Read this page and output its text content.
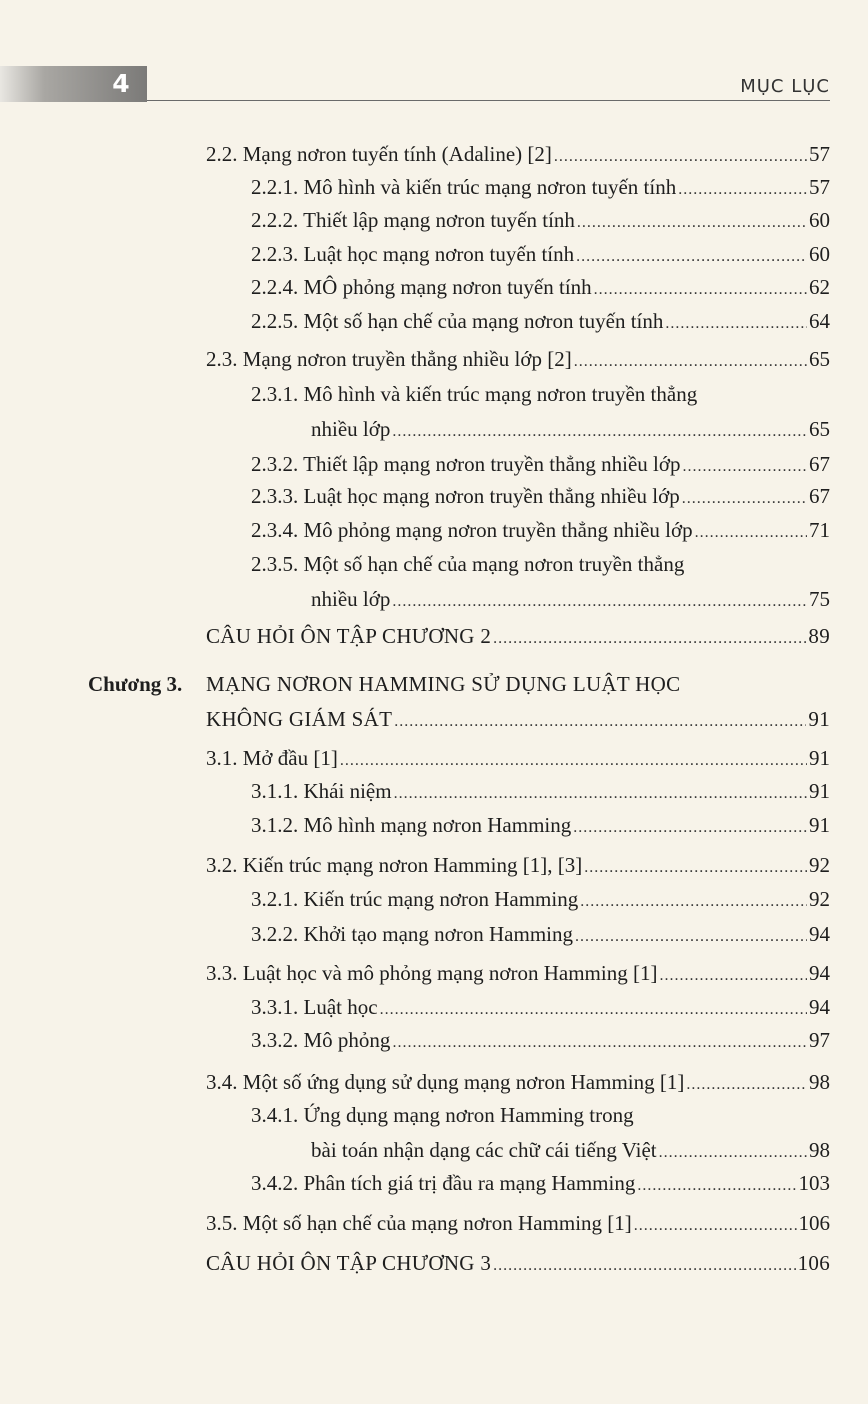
4	MỤC LỤC
2.2. Mạng nơron tuyến tính (Adaline) [2] .....	57
2.2.1. Mô hình và kiến trúc mạng nơron tuyến tính .....	57
2.2.2. Thiết lập mạng nơron tuyến tính .....	60
2.2.3. Luật học mạng nơron tuyến tính .....	60
2.2.4. MÔ phỏng mạng nơron tuyến tính .....	62
2.2.5. Một số hạn chế của mạng nơron tuyến tính .....	64
2.3. Mạng nơron truyền thẳng nhiều lớp [2] .....	65
2.3.1. Mô hình và kiến trúc mạng nơron truyền thẳng
nhiều lớp .....	65
2.3.2. Thiết lập mạng nơron truyền thẳng nhiều lớp .....	67
2.3.3. Luật học mạng nơron truyền thẳng nhiều lớp .....	67
2.3.4. Mô phỏng mạng nơron truyền thẳng nhiều lớp .....	71
2.3.5. Một số hạn chế của mạng nơron truyền thẳng
nhiều lớp .....	75
CÂU HỎI ÔN TẬP CHƯƠNG 2 .....	89
Chương 3. MẠNG NƠRON HAMMING SỬ DỤNG LUẬT HỌC
KHÔNG GIÁM SÁT .....	91
3.1. Mở đầu [1] .....	91
3.1.1. Khái niệm .....	91
3.1.2. Mô hình mạng nơron Hamming .....	91
3.2. Kiến trúc mạng nơron Hamming [1], [3] .....	92
3.2.1. Kiến trúc mạng nơron Hamming .....	92
3.2.2. Khởi tạo mạng nơron Hamming .....	94
3.3. Luật học và mô phỏng mạng nơron Hamming [1] .....	94
3.3.1. Luật học .....	94
3.3.2. Mô phỏng .....	97
3.4. Một số ứng dụng sử dụng mạng nơron Hamming [1] .....	98
3.4.1. Ứng dụng mạng nơron Hamming trong
bài toán nhận dạng các chữ cái tiếng Việt .....	98
3.4.2. Phân tích giá trị đầu ra mạng Hamming .....	103
3.5. Một số hạn chế của mạng nơron Hamming [1] .....	106
CÂU HỎI ÔN TẬP CHƯƠNG 3 .....	106
